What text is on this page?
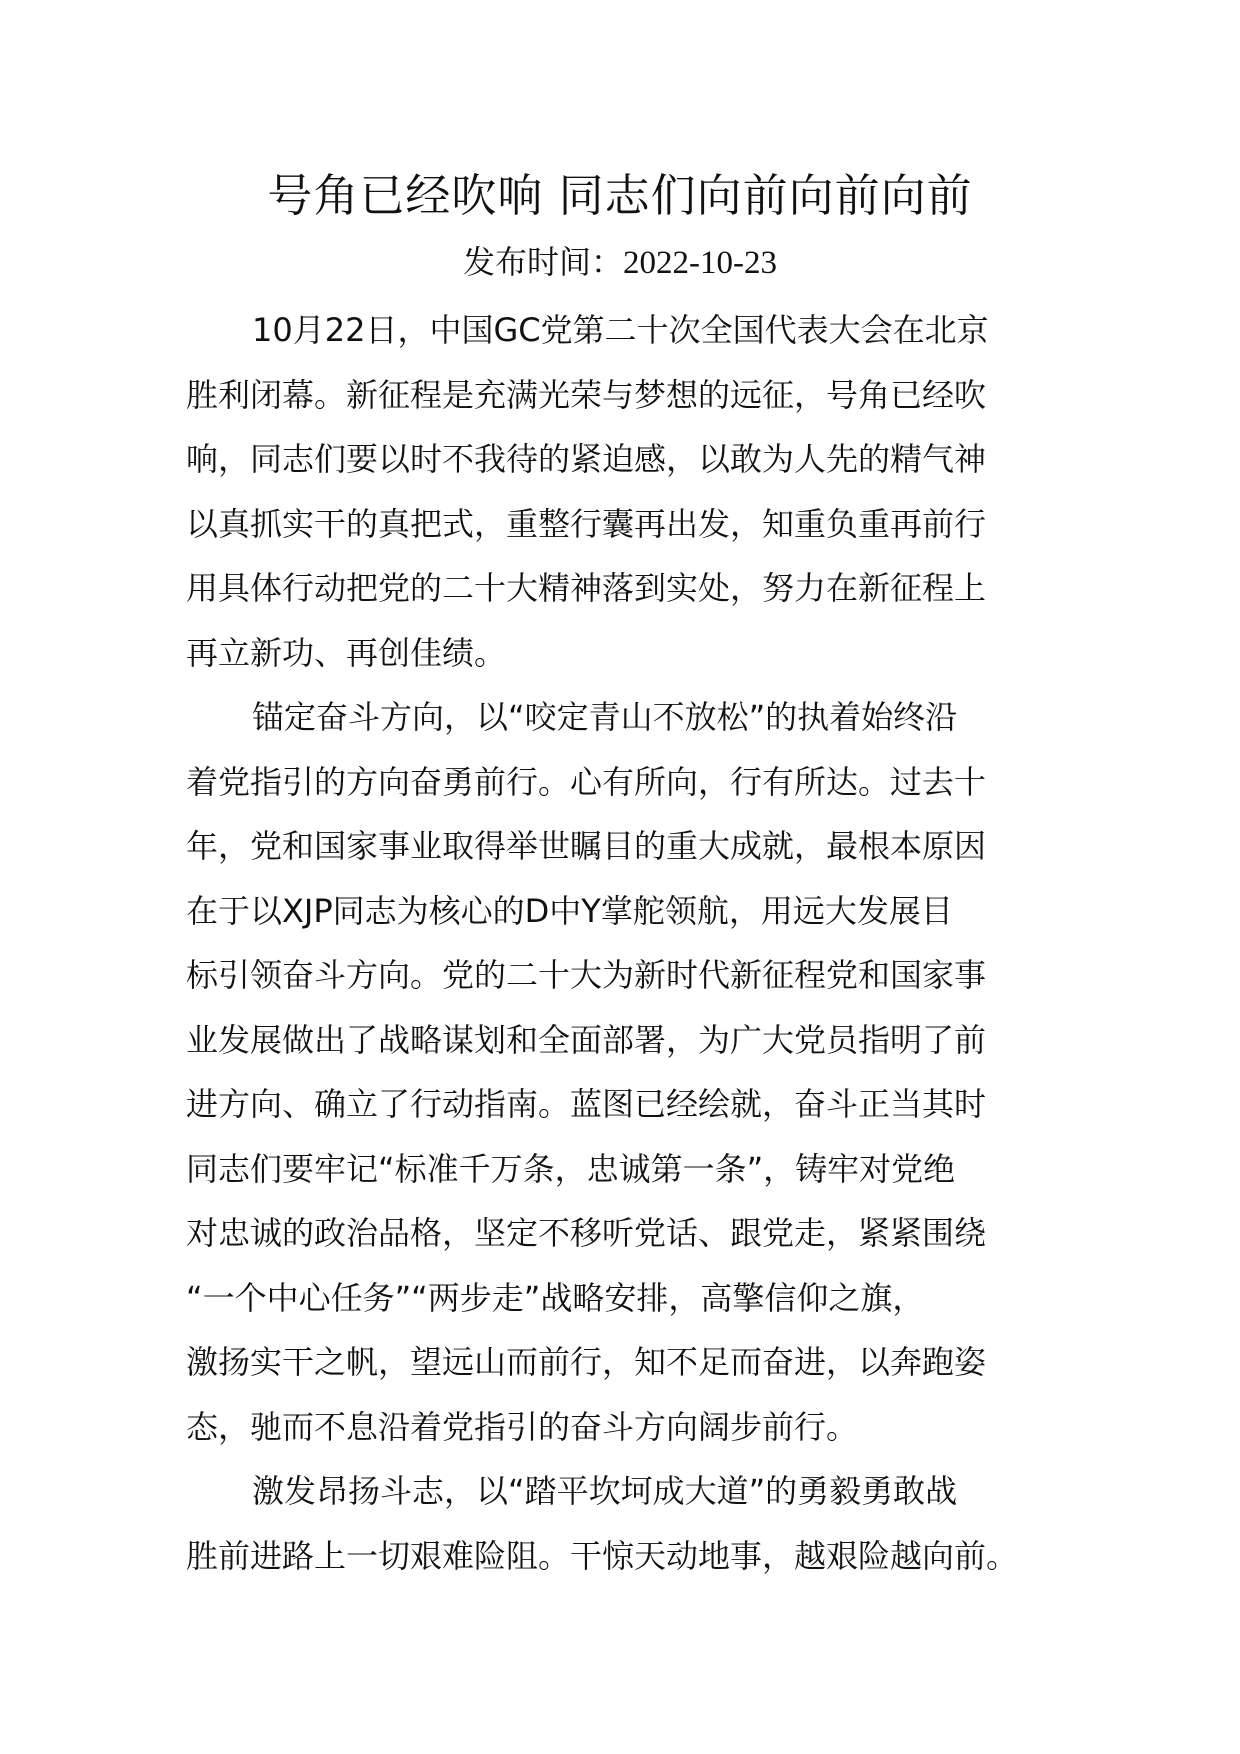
号角已经吹响 同志们向前向前向前
发布时间：2022-10-23
10月22日，中国GC党第二十次全国代表大会在北京
胜利闭幕。新征程是充满光荣与梦想的远征，号角已经吹
响，同志们要以时不我待的紧迫感，以敢为人先的精气神
以真抓实干的真把式，重整行囊再出发，知重负重再前行
用具体行动把党的二十大精神落到实处，努力在新征程上
再立新功、再创佳绩。
锚定奋斗方向，以“咬定青山不放松”的执着始终沿
着党指引的方向奋勇前行。心有所向，行有所达。过去十
年，党和国家事业取得举世瞩目的重大成就，最根本原因
在于以XJP同志为核心的D中Y掌舵领航，用远大发展目
标引领奋斗方向。党的二十大为新时代新征程党和国家事
业发展做出了战略谋划和全面部署，为广大党员指明了前
进方向、确立了行动指南。蓝图已经绘就，奋斗正当其时
同志们要牢记“标准千万条，忠诚第一条”，铸牢对党绝
对忠诚的政治品格，坚定不移听党话、跟党走，紧紧围绕
“一个中心任务”“两步走”战略安排，高擎信仰之旗，
激扬实干之帆，望远山而前行，知不足而奋进，以奔跑姿
态，驰而不息沿着党指引的奋斗方向阔步前行。
激发昂扬斗志，以“踏平坎坷成大道”的勇毅勇敢战
胜前进路上一切艰难险阻。干惊天动地事，越艰险越向前。
